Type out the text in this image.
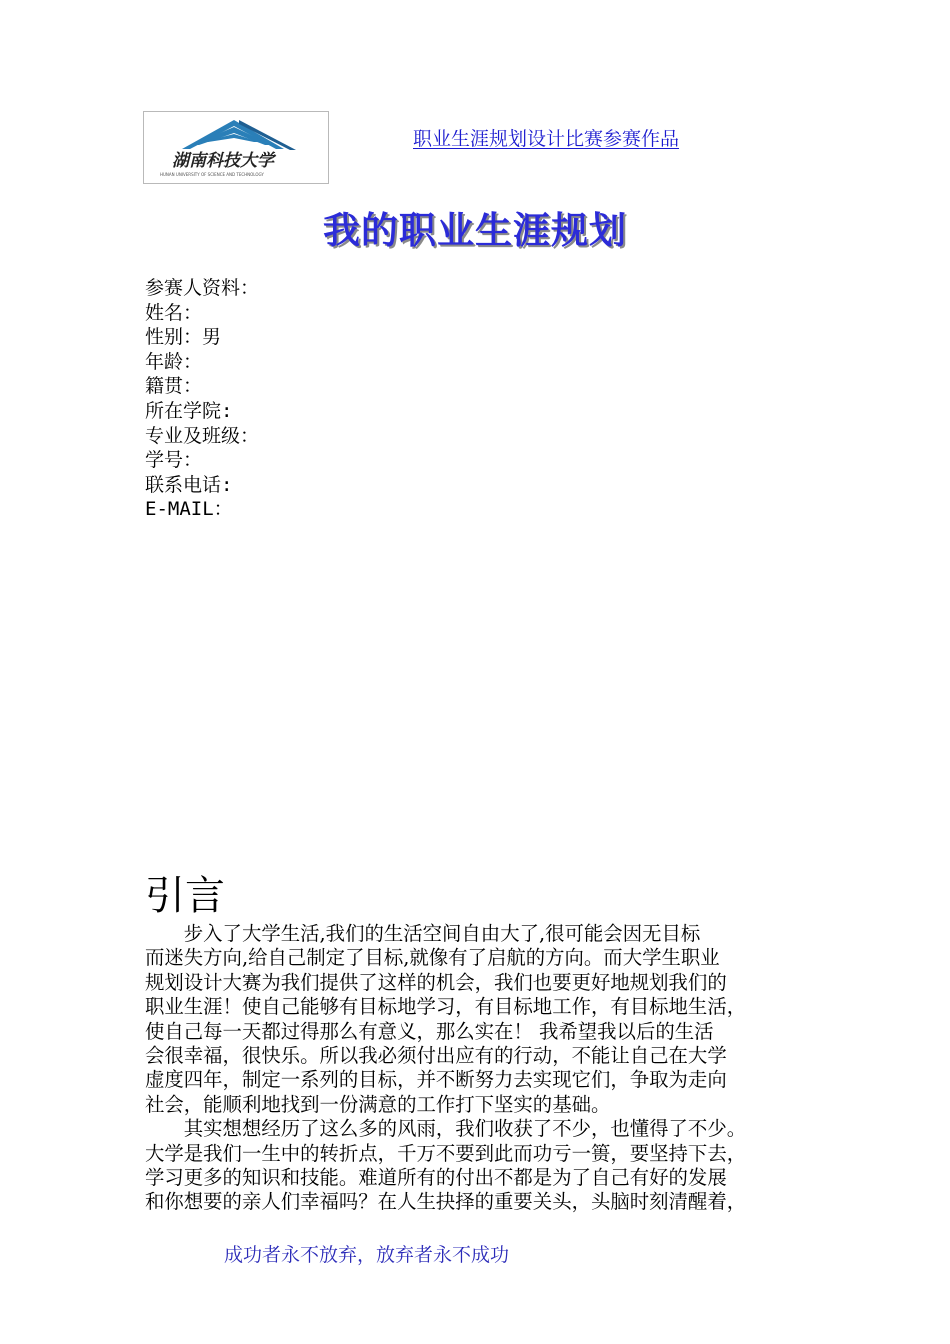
湖南科技大学
HUNAN UNIVERSITY OF SCIENCE AND TECHNOLOGY
职业生涯规划设计比赛参赛作品
我的职业生涯规划
参赛人资料：
姓名：
性别：男
年龄：
籍贯：
所在学院:
专业及班级：
学号：
联系电话:
E-MAIL：
引言
　　步入了大学生活,我们的生活空间自由大了,很可能会因无目标
而迷失方向,给自己制定了目标,就像有了启航的方向。而大学生职业
规划设计大赛为我们提供了这样的机会，我们也要更好地规划我们的
职业生涯！使自己能够有目标地学习，有目标地工作，有目标地生活，
使自己每一天都过得那么有意义，那么实在！ 我希望我以后的生活
会很幸福，很快乐。所以我必须付出应有的行动，不能让自己在大学
虚度四年，制定一系列的目标，并不断努力去实现它们，争取为走向
社会，能顺利地找到一份满意的工作打下坚实的基础。
　　其实想想经历了这么多的风雨，我们收获了不少，也懂得了不少。
大学是我们一生中的转折点，千万不要到此而功亏一篑，要坚持下去，
学习更多的知识和技能。难道所有的付出不都是为了自己有好的发展
和你想要的亲人们幸福吗？在人生抉择的重要关头，头脑时刻清醒着，
成功者永不放弃，放弃者永不成功
